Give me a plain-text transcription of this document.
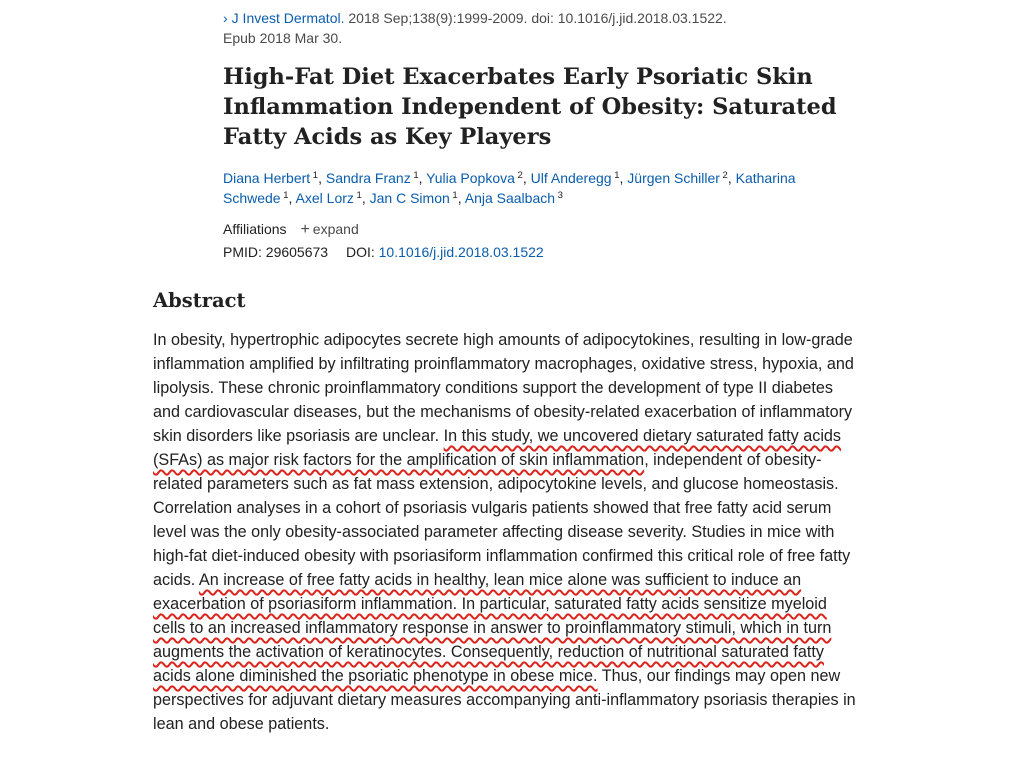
› J Invest Dermatol. 2018 Sep;138(9):1999-2009. doi: 10.1016/j.jid.2018.03.1522.
Epub 2018 Mar 30.
High-Fat Diet Exacerbates Early Psoriatic Skin Inflammation Independent of Obesity: Saturated Fatty Acids as Key Players
Diana Herbert $^1$, Sandra Franz $^1$, Yulia Popkova $^2$, Ulf Anderegg $^1$, Jürgen Schiller $^2$, Katharina Schwede $^1$, Axel Lorz $^1$, Jan C Simon $^1$, Anja Saalbach $^3$
Affiliations + expand
PMID: 29605673 DOI: 10.1016/j.jid.2018.03.1522
Abstract
In obesity, hypertrophic adipocytes secrete high amounts of adipocytokines, resulting in low-grade
inflammation amplified by infiltrating proinflammatory macrophages, oxidative stress, hypoxia, and
lipolysis. These chronic proinflammatory conditions support the development of type II diabetes
and cardiovascular diseases, but the mechanisms of obesity-related exacerbation of inflammatory
skin disorders like psoriasis are unclear. In this study, we uncovered dietary saturated fatty acids
(SFAs) as major risk factors for the amplification of skin inflammation, independent of obesity-
related parameters such as fat mass extension, adipocytokine levels, and glucose homeostasis.
Correlation analyses in a cohort of psoriasis vulgaris patients showed that free fatty acid serum
level was the only obesity-associated parameter affecting disease severity. Studies in mice with
high-fat diet-induced obesity with psoriasiform inflammation confirmed this critical role of free fatty
acids. An increase of free fatty acids in healthy, lean mice alone was sufficient to induce an
exacerbation of psoriasiform inflammation. In particular, saturated fatty acids sensitize myeloid
cells to an increased inflammatory response in answer to proinflammatory stimuli, which in turn
augments the activation of keratinocytes. Consequently, reduction of nutritional saturated fatty
acids alone diminished the psoriatic phenotype in obese mice. Thus, our findings may open new
perspectives for adjuvant dietary measures accompanying anti-inflammatory psoriasis therapies in
lean and obese patients.
